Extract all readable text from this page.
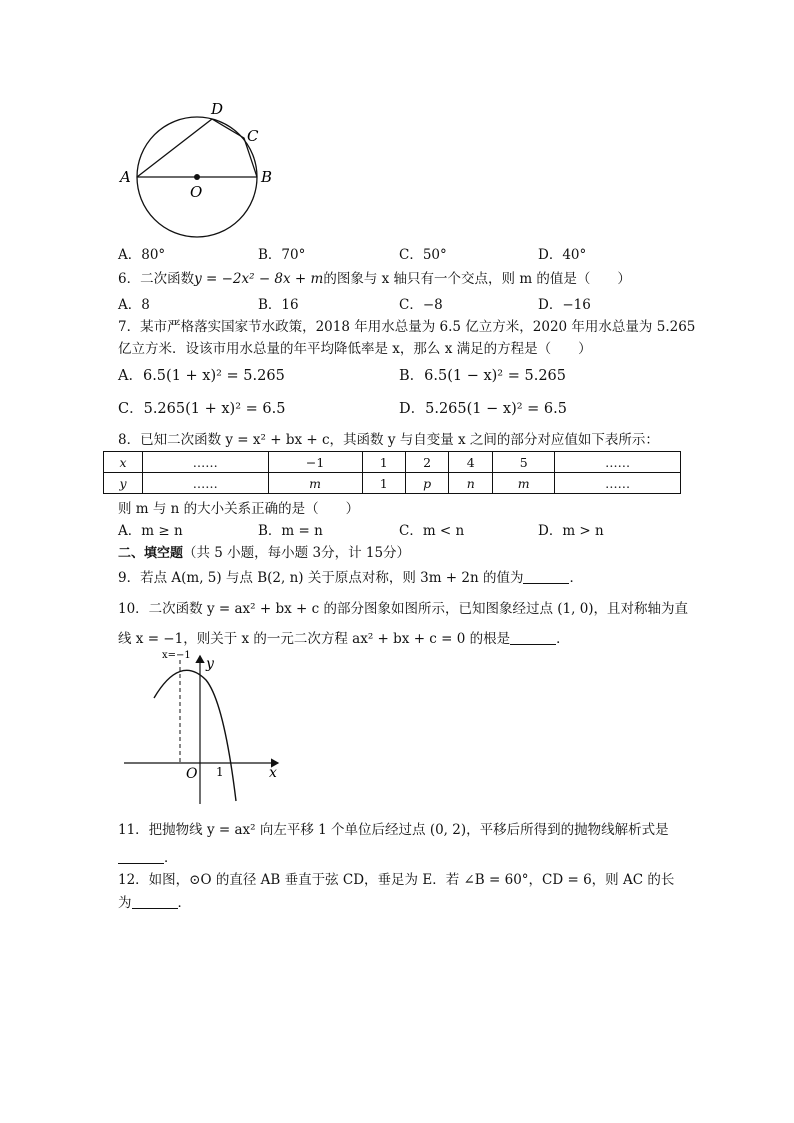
A	B
C
D
O
A．80°	B．70°	C．50°	D．40°
6．二次函数y = −2x² − 8x + m的图象与 x 轴只有一个交点，则 m 的值是（　　）
A．8	B．16	C．−8	D．−16
7．某市严格落实国家节水政策，2018 年用水总量为 6.5 亿立方米，2020 年用水总量为 5.265
亿立方米．设该市用水总量的年平均降低率是 x，那么 x 满足的方程是（　　）
A．6.5(1 + x)² = 5.265	B．6.5(1 − x)² = 5.265
C．5.265(1 + x)² = 6.5	D．5.265(1 − x)² = 6.5
8．已知二次函数 y = x² + bx + c，其函数 y 与自变量 x 之间的部分对应值如下表所示：
x	……	−1	1	2	4	5	……
y	……	m	1	p	n	m	……
则 m 与 n 的大小关系正确的是（　　）
A．m ≥ n	B．m = n	C．m < n	D．m > n
二、填空题（共 5 小题，每小题 3分，计 15分）
9．若点 A(m, 5) 与点 B(2, n) 关于原点对称，则 3m + 2n 的值为	．
10．二次函数 y = ax² + bx + c 的部分图象如图所示，已知图象经过点 (1, 0)，且对称轴为直
线 x = −1，则关于 x 的一元二次方程 ax² + bx + c = 0 的根是	．
x=−1
y
x
O 1
11．把抛物线 y = ax² 向左平移 1 个单位后经过点 (0, 2)，平移后所得到的抛物线解析式是
．
12．如图，⊙O 的直径 AB 垂直于弦 CD，垂足为 E．若 ∠B = 60°，CD = 6，则 AC 的长
为	．
